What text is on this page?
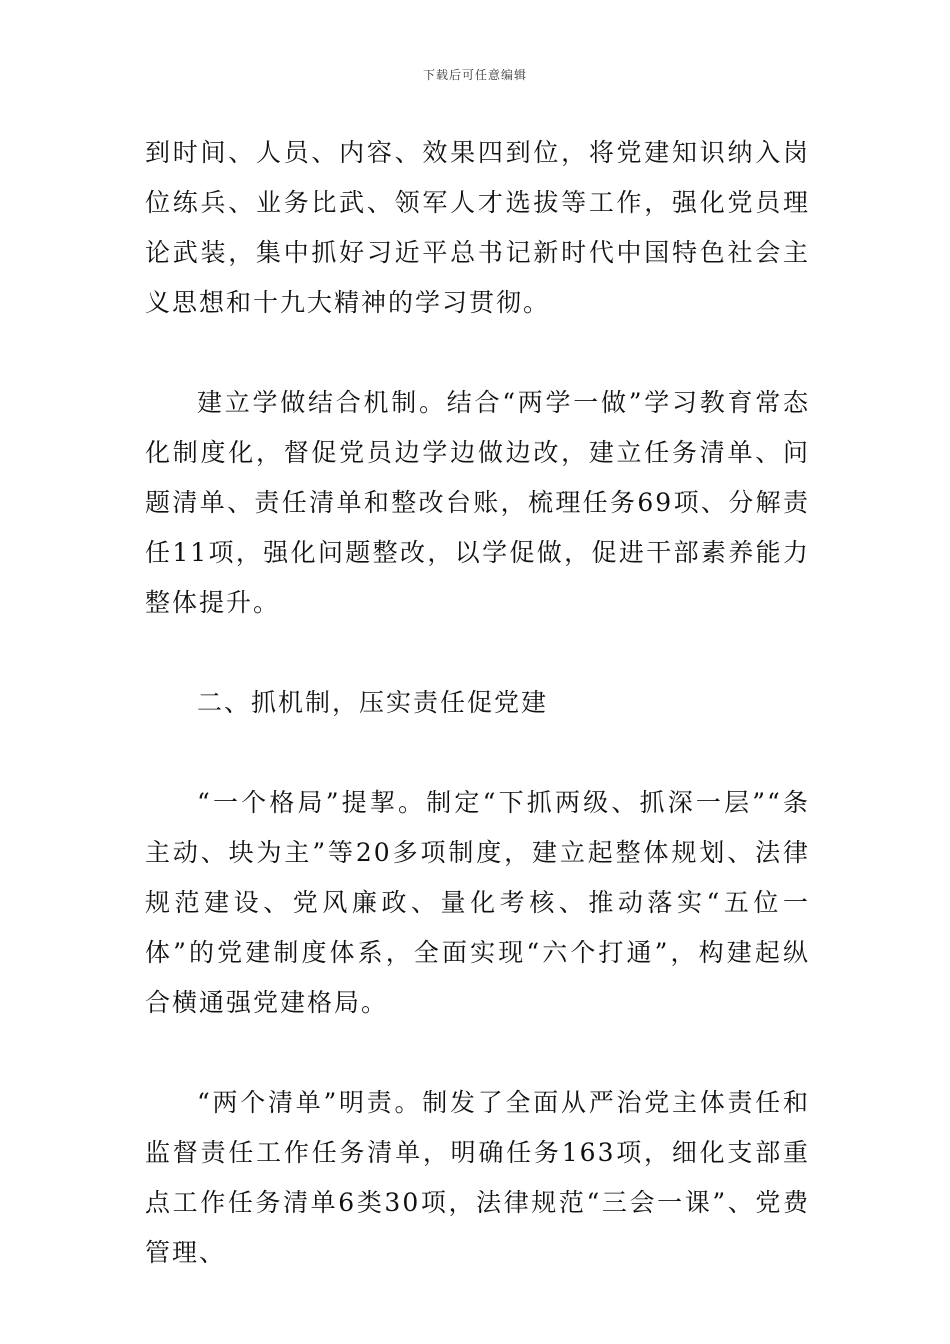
下载后可任意编辑

到时间、人员、内容、效果四到位，将党建知识纳入岗位练兵、业务比武、领军人才选拔等工作，强化党员理论武装，集中抓好习近平总书记新时代中国特色社会主义思想和十九大精神的学习贯彻。

建立学做结合机制。结合“两学一做”学习教育常态化制度化，督促党员边学边做边改，建立任务清单、问题清单、责任清单和整改台账，梳理任务69项、分解责任11项，强化问题整改，以学促做，促进干部素养能力整体提升。

二、抓机制，压实责任促党建

“一个格局”提挈。制定“下抓两级、抓深一层”“条主动、块为主”等20多项制度，建立起整体规划、法律规范建设、党风廉政、量化考核、推动落实“五位一体”的党建制度体系，全面实现“六个打通”，构建起纵合横通强党建格局。

“两个清单”明责。制发了全面从严治党主体责任和监督责任工作任务清单，明确任务163项，细化支部重点工作任务清单6类30项，法律规范“三会一课”、党费管理、
